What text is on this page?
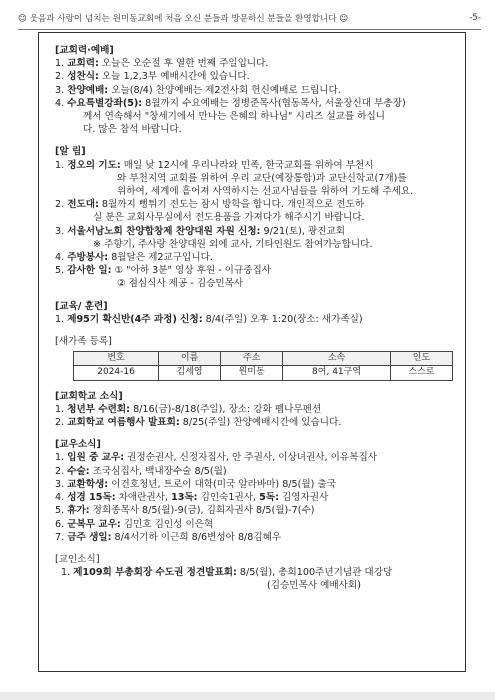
☺ 웃음과 사랑이 넘치는 원미동교회에 처음 오신 분들과 방문하신 분들을 환영합니다 ☺	-5-
[교회력·예배]
1. 교회력: 오늘은 오순절 후 열한 번째 주일입니다.
2. 성찬식: 오늘 1,2,3부 예배시간에 있습니다.
3. 찬양예배: 오늘(8/4) 찬양예배는 제2전사회 헌신예배로 드립니다.
4. 수요특별강좌(5): 8월까지 수요예배는 정병준목사(협동목사, 서울장신대 부총장)
께서 연속해서 "창세기에서 만나는 은혜의 하나님" 시리즈 설교를 하십니
다. 많은 참석 바랍니다.
[알 림]
1. 정오의 기도: 매일 낮 12시에 우리나라와 민족, 한국교회를 위하여 부천시
와 부천지역 교회를 위하여 우리 교단(예장통합)과 교단신학교(7개)를
위하여, 세계에 흩어져 사역하시는 선교사님들을 위하여 기도해 주세요.
2. 전도대: 8월까지 뻥튀기 전도는 잠시 방학을 합니다. 개인적으로 전도하
실 분은 교회사무실에서 전도용품을 가져다가 해주시기 바랍니다.
3. 서울서남노회 찬양합창제 찬양대원 자원 신청: 9/21(토), 광진교회
※ 주향기, 주사랑 찬양대원 외에 교사, 기타인원도 참여가능합니다.
4. 주방봉사: 8월달은 제2교구입니다.
5. 감사한 일: ① "아하 3분" 영상 후원 - 이규중집사
② 점심식사 제공 - 김승민목사
[교육/ 훈련]
1. 제95기 확신반(4주 과정) 신청: 8/4(주일) 오후 1:20(장소: 새가족실)
[새가족 등록]
번호	이름	주소	소속	인도
2024-16	김세영	원미동	8여, 41구역	스스로
[교회학교 소식]
1. 청년부 수련회: 8/16(금)-8/18(주일), 장소: 강화 펨나무펜션
2. 교회학교 여름행사 발표회: 8/25(주일) 찬양예배시간에 있습니다.
[교우소식]
1. 입원 중 교우: 권정순권사, 신정자집사, 안 주권사, 이상녀권사, 이유복집사
2. 수술: 조국심집사, 백내장수술 8/5(월)
3. 교환학생: 이건호청년, 트로이 대학(미국 알라바마) 8/5(월) 출국
4. 성경 15독: 차애란권사, 13독: 김인숙1권사, 5독: 김영자권사
5. 휴가: 정희종목사 8/5(월)-9(금), 김희자권사 8/5(월)-7(수)
6. 군복무 교우: 김민호 김인성 이은혁
7. 금주 생일: 8/4서기하 이근희 8/6변성아 8/8김혜우
[교인소식]
1. 제109회 부총회장 수도권 정견발표회: 8/5(월), 총회100주년기념관 대강당
(김승민목사 예배사회)
